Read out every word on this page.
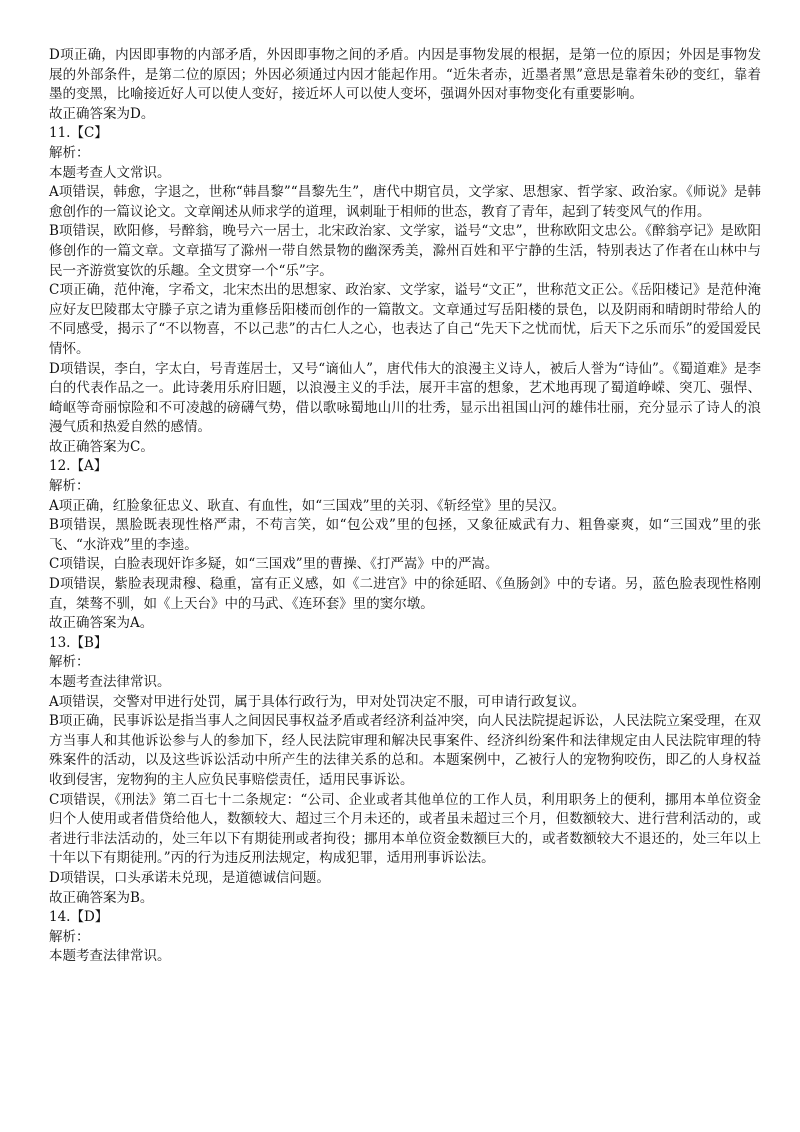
D项正确，内因即事物的内部矛盾，外因即事物之间的矛盾。内因是事物发展的根据，是第一位的原因；外因是事物发展的外部条件，是第二位的原因；外因必须通过内因才能起作用。“近朱者赤，近墨者黑”意思是靠着朱砂的变红，靠着墨的变黑，比喻接近好人可以使人变好，接近坏人可以使人变坏，强调外因对事物变化有重要影响。

故正确答案为D。

11.【C】

解析：

本题考查人文常识。

A项错误，韩愈，字退之，世称“韩昌黎”“昌黎先生”，唐代中期官员，文学家、思想家、哲学家、政治家。《师说》是韩愈创作的一篇议论文。文章阐述从师求学的道理，讽刺耻于相师的世态，教育了青年，起到了转变风气的作用。

B项错误，欧阳修，号醉翁，晚号六一居士，北宋政治家、文学家，谥号“文忠”，世称欧阳文忠公。《醉翁亭记》是欧阳修创作的一篇文章。文章描写了滁州一带自然景物的幽深秀美，滁州百姓和平宁静的生活，特别表达了作者在山林中与民一齐游赏宴饮的乐趣。全文贯穿一个“乐”字。

C项正确，范仲淹，字希文，北宋杰出的思想家、政治家、文学家，谥号“文正”，世称范文正公。《岳阳楼记》是范仲淹应好友巴陵郡太守滕子京之请为重修岳阳楼而创作的一篇散文。文章通过写岳阳楼的景色，以及阴雨和晴朗时带给人的不同感受，揭示了“不以物喜，不以己悲”的古仁人之心，也表达了自己“先天下之忧而忧，后天下之乐而乐”的爱国爱民情怀。

D项错误，李白，字太白，号青莲居士，又号“谪仙人”，唐代伟大的浪漫主义诗人，被后人誉为“诗仙”。《蜀道难》是李白的代表作品之一。此诗袭用乐府旧题，以浪漫主义的手法，展开丰富的想象，艺术地再现了蜀道峥嵘、突兀、强悍、崎岖等奇丽惊险和不可凌越的磅礴气势，借以歌咏蜀地山川的壮秀，显示出祖国山河的雄伟壮丽，充分显示了诗人的浪漫气质和热爱自然的感情。

故正确答案为C。

12.【A】

解析：

A项正确，红脸象征忠义、耿直、有血性，如“三国戏”里的关羽、《斩经堂》里的吴汉。

B项错误，黑脸既表现性格严肃，不苟言笑，如“包公戏”里的包拯，又象征威武有力、粗鲁豪爽，如“三国戏”里的张飞、“水浒戏”里的李逵。

C项错误，白脸表现奸诈多疑，如“三国戏”里的曹操、《打严嵩》中的严嵩。

D项错误，紫脸表现肃穆、稳重，富有正义感，如《二进宫》中的徐延昭、《鱼肠剑》中的专诸。另，蓝色脸表现性格刚直，桀骜不驯，如《上天台》中的马武、《连环套》里的窦尔墩。

故正确答案为A。

13.【B】

解析：

本题考查法律常识。

A项错误，交警对甲进行处罚，属于具体行政行为，甲对处罚决定不服，可申请行政复议。

B项正确，民事诉讼是指当事人之间因民事权益矛盾或者经济利益冲突，向人民法院提起诉讼，人民法院立案受理，在双方当事人和其他诉讼参与人的参加下，经人民法院审理和解决民事案件、经济纠纷案件和法律规定由人民法院审理的特殊案件的活动，以及这些诉讼活动中所产生的法律关系的总和。本题案例中，乙被行人的宠物狗咬伤，即乙的人身权益收到侵害，宠物狗的主人应负民事赔偿责任，适用民事诉讼。

C项错误，《刑法》第二百七十二条规定：“公司、企业或者其他单位的工作人员，利用职务上的便利，挪用本单位资金归个人使用或者借贷给他人，数额较大、超过三个月未还的，或者虽未超过三个月，但数额较大、进行营利活动的，或者进行非法活动的，处三年以下有期徒刑或者拘役；挪用本单位资金数额巨大的，或者数额较大不退还的，处三年以上十年以下有期徒刑。”丙的行为违反刑法规定，构成犯罪，适用刑事诉讼法。

D项错误，口头承诺未兑现，是道德诚信问题。

故正确答案为B。

14.【D】

解析：

本题考查法律常识。
